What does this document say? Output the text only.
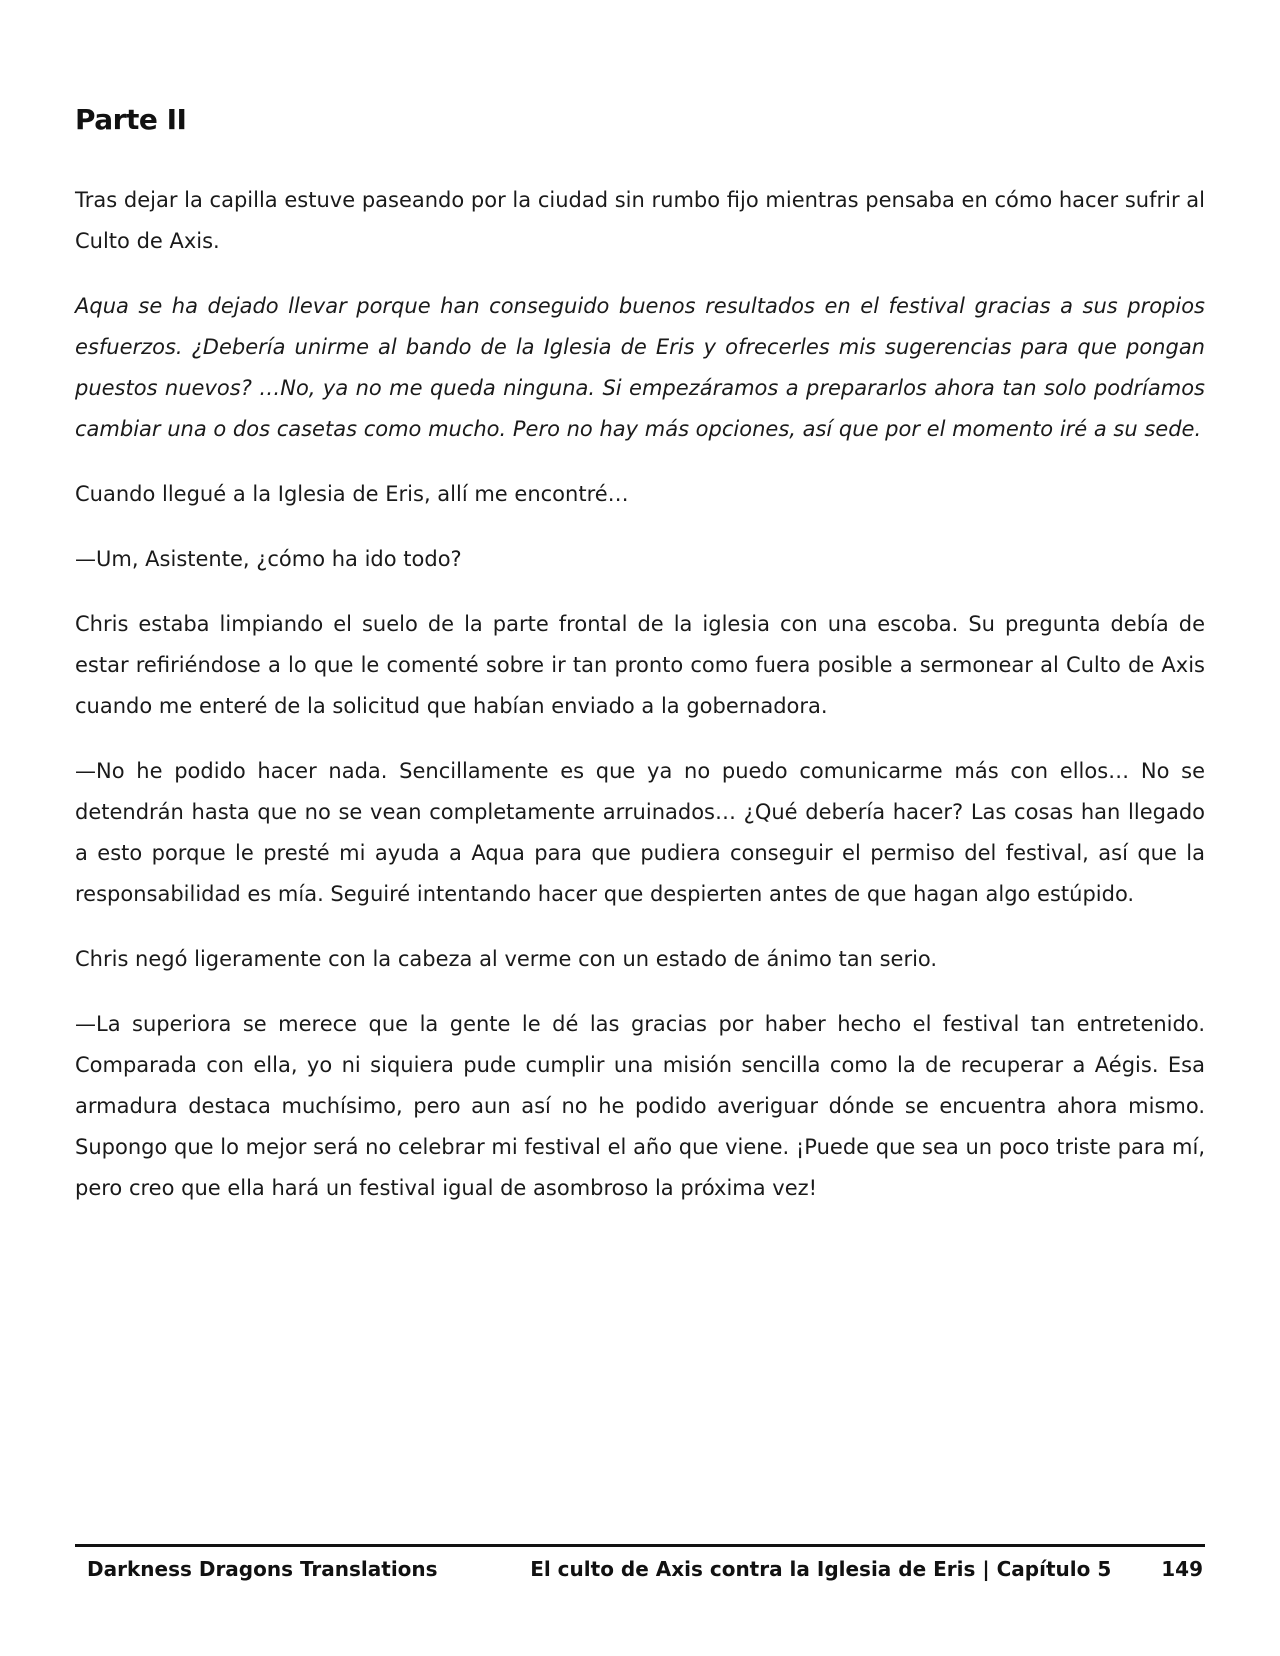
Parte II

Tras dejar la capilla estuve paseando por la ciudad sin rumbo fijo mientras pensaba en cómo hacer sufrir al Culto de Axis.

Aqua se ha dejado llevar porque han conseguido buenos resultados en el festival gracias a sus propios esfuerzos. ¿Debería unirme al bando de la Iglesia de Eris y ofrecerles mis sugerencias para que pongan puestos nuevos? …No, ya no me queda ninguna. Si empezáramos a prepararlos ahora tan solo podríamos cambiar una o dos casetas como mucho. Pero no hay más opciones, así que por el momento iré a su sede.

Cuando llegué a la Iglesia de Eris, allí me encontré…

—Um, Asistente, ¿cómo ha ido todo?

Chris estaba limpiando el suelo de la parte frontal de la iglesia con una escoba. Su pregunta debía de estar refiriéndose a lo que le comenté sobre ir tan pronto como fuera posible a sermonear al Culto de Axis cuando me enteré de la solicitud que habían enviado a la gobernadora.

—No he podido hacer nada. Sencillamente es que ya no puedo comunicarme más con ellos… No se detendrán hasta que no se vean completamente arruinados… ¿Qué debería hacer? Las cosas han llegado a esto porque le presté mi ayuda a Aqua para que pudiera conseguir el permiso del festival, así que la responsabilidad es mía. Seguiré intentando hacer que despierten antes de que hagan algo estúpido.

Chris negó ligeramente con la cabeza al verme con un estado de ánimo tan serio.

—La superiora se merece que la gente le dé las gracias por haber hecho el festival tan entretenido. Comparada con ella, yo ni siquiera pude cumplir una misión sencilla como la de recuperar a Aégis. Esa armadura destaca muchísimo, pero aun así no he podido averiguar dónde se encuentra ahora mismo. Supongo que lo mejor será no celebrar mi festival el año que viene. ¡Puede que sea un poco triste para mí, pero creo que ella hará un festival igual de asombroso la próxima vez!

Darkness Dragons Translations	El culto de Axis contra la Iglesia de Eris | Capítulo 5	149
